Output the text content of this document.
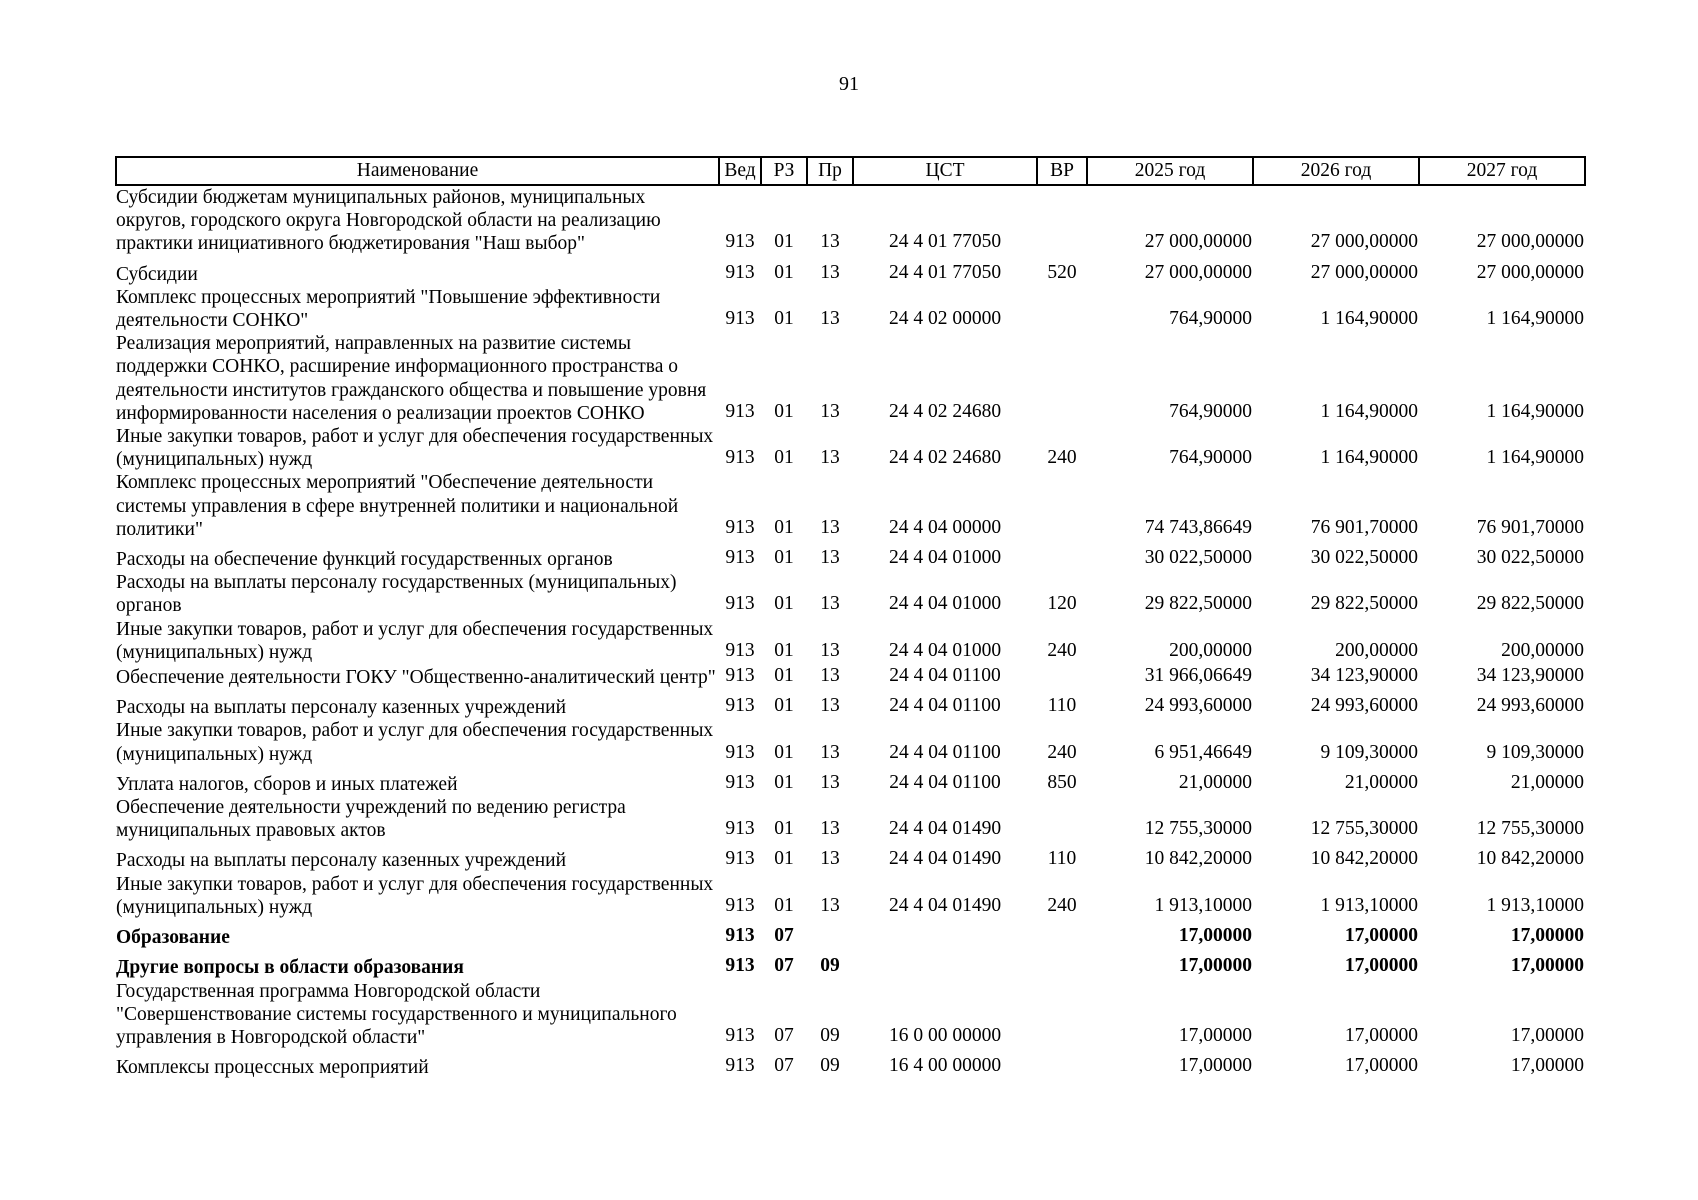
91
Наименование	Вед	РЗ	Пр	ЦСТ	ВР	2025 год	2026 год	2027 год
Субсидии бюджетам муниципальных районов, муниципальных округов, городского округа Новгородской области на реализацию практики инициативного бюджетирования "Наш выбор"	913	01	13	24 4 01 77050		27 000,00000	27 000,00000	27 000,00000
Субсидии	913	01	13	24 4 01 77050	520	27 000,00000	27 000,00000	27 000,00000
Комплекс процессных мероприятий "Повышение эффективности деятельности СОНКО"	913	01	13	24 4 02 00000		764,90000	1 164,90000	1 164,90000
Реализация мероприятий, направленных на развитие системы поддержки СОНКО, расширение информационного пространства о деятельности институтов гражданского общества и повышение уровня информированности населения о реализации проектов СОНКО	913	01	13	24 4 02 24680		764,90000	1 164,90000	1 164,90000
Иные закупки товаров, работ и услуг для обеспечения государственных (муниципальных) нужд	913	01	13	24 4 02 24680	240	764,90000	1 164,90000	1 164,90000
Комплекс процессных мероприятий "Обеспечение деятельности системы управления в сфере внутренней политики и национальной политики"	913	01	13	24 4 04 00000		74 743,86649	76 901,70000	76 901,70000
Расходы на обеспечение функций государственных органов	913	01	13	24 4 04 01000		30 022,50000	30 022,50000	30 022,50000
Расходы на выплаты персоналу государственных (муниципальных) органов	913	01	13	24 4 04 01000	120	29 822,50000	29 822,50000	29 822,50000
Иные закупки товаров, работ и услуг для обеспечения государственных (муниципальных) нужд	913	01	13	24 4 04 01000	240	200,00000	200,00000	200,00000
Обеспечение деятельности ГОКУ "Общественно-аналитический центр"	913	01	13	24 4 04 01100		31 966,06649	34 123,90000	34 123,90000
Расходы на выплаты персоналу казенных учреждений	913	01	13	24 4 04 01100	110	24 993,60000	24 993,60000	24 993,60000
Иные закупки товаров, работ и услуг для обеспечения государственных (муниципальных) нужд	913	01	13	24 4 04 01100	240	6 951,46649	9 109,30000	9 109,30000
Уплата налогов, сборов и иных платежей	913	01	13	24 4 04 01100	850	21,00000	21,00000	21,00000
Обеспечение деятельности учреждений по ведению регистра муниципальных правовых актов	913	01	13	24 4 04 01490		12 755,30000	12 755,30000	12 755,30000
Расходы на выплаты персоналу казенных учреждений	913	01	13	24 4 04 01490	110	10 842,20000	10 842,20000	10 842,20000
Иные закупки товаров, работ и услуг для обеспечения государственных (муниципальных) нужд	913	01	13	24 4 04 01490	240	1 913,10000	1 913,10000	1 913,10000
Образование	913	07				17,00000	17,00000	17,00000
Другие вопросы в области образования	913	07	09			17,00000	17,00000	17,00000
Государственная программа Новгородской области "Совершенствование системы государственного и муниципального управления в Новгородской области"	913	07	09	16 0 00 00000		17,00000	17,00000	17,00000
Комплексы процессных мероприятий	913	07	09	16 4 00 00000		17,00000	17,00000	17,00000
